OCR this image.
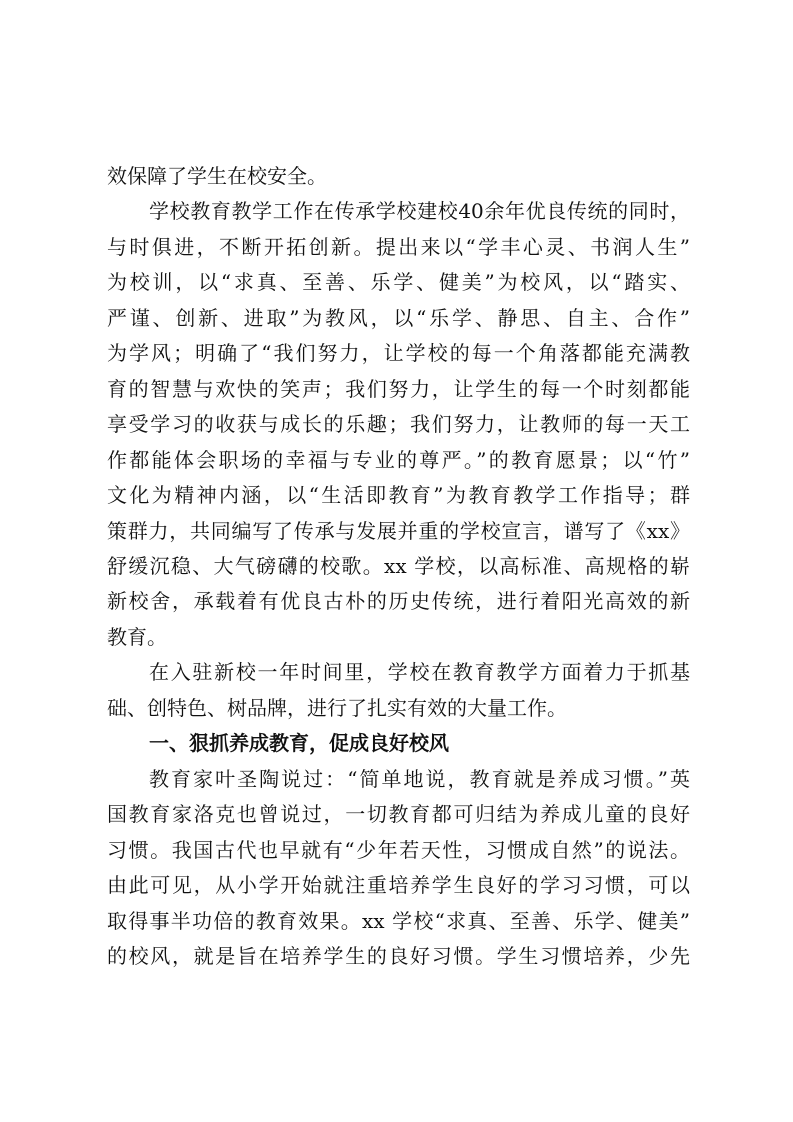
效保障了学生在校安全。
学校教育教学工作在传承学校建校40余年优良传统的同时，
与时俱进，不断开拓创新。提出来以“学丰心灵、书润人生”
为校训，以“求真、至善、乐学、健美”为校风，以“踏实、
严谨、创新、进取”为教风，以“乐学、静思、自主、合作”
为学风；明确了“我们努力，让学校的每一个角落都能充满教
育的智慧与欢快的笑声；我们努力，让学生的每一个时刻都能
享受学习的收获与成长的乐趣；我们努力，让教师的每一天工
作都能体会职场的幸福与专业的尊严。”的教育愿景；以“竹”
文化为精神内涵，以“生活即教育”为教育教学工作指导；群
策群力，共同编写了传承与发展并重的学校宣言，谱写了《xx》
舒缓沉稳、大气磅礴的校歌。xx 学校，以高标准、高规格的崭
新校舍，承载着有优良古朴的历史传统，进行着阳光高效的新
教育。
在入驻新校一年时间里，学校在教育教学方面着力于抓基
础、创特色、树品牌，进行了扎实有效的大量工作。
一、狠抓养成教育，促成良好校风
教育家叶圣陶说过：“简单地说，教育就是养成习惯。”英
国教育家洛克也曾说过，一切教育都可归结为养成儿童的良好
习惯。我国古代也早就有“少年若天性，习惯成自然”的说法。
由此可见，从小学开始就注重培养学生良好的学习习惯，可以
取得事半功倍的教育效果。xx 学校“求真、至善、乐学、健美”
的校风，就是旨在培养学生的良好习惯。学生习惯培养，少先
